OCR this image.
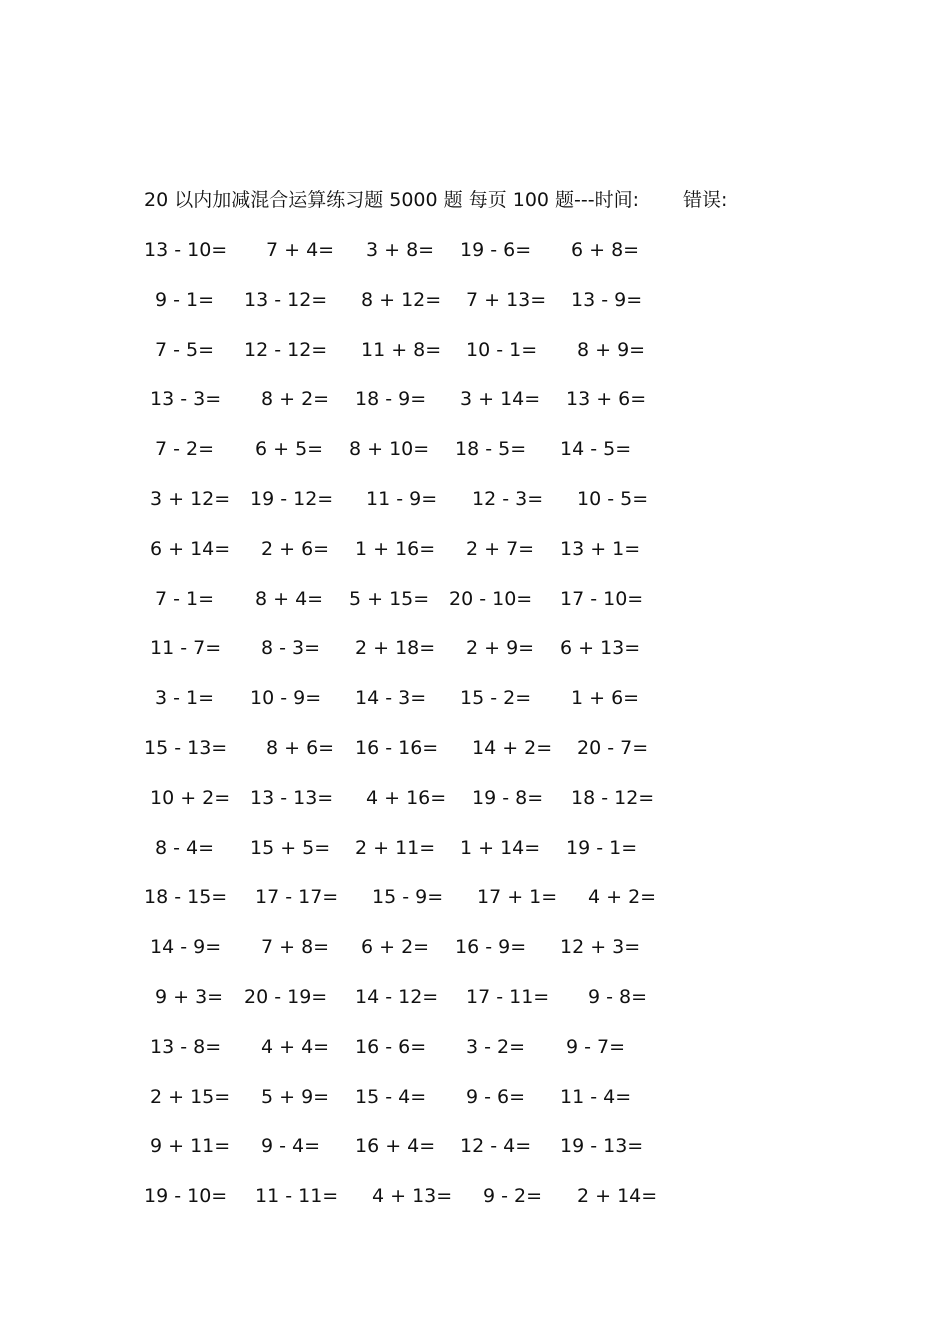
20 以内加减混合运算练习题 5000 题 每页 100 题---时间: 错误:
13 - 10= 7 + 4= 3 + 8= 19 - 6= 6 + 8=
9 - 1= 13 - 12= 8 + 12= 7 + 13= 13 - 9=
7 - 5= 12 - 12= 11 + 8= 10 - 1= 8 + 9=
13 - 3= 8 + 2= 18 - 9= 3 + 14= 13 + 6=
7 - 2= 6 + 5= 8 + 10= 18 - 5= 14 - 5=
3 + 12= 19 - 12= 11 - 9= 12 - 3= 10 - 5=
6 + 14= 2 + 6= 1 + 16= 2 + 7= 13 + 1=
7 - 1= 8 + 4= 5 + 15= 20 - 10= 17 - 10=
11 - 7= 8 - 3= 2 + 18= 2 + 9= 6 + 13=
3 - 1= 10 - 9= 14 - 3= 15 - 2= 1 + 6=
15 - 13= 8 + 6= 16 - 16= 14 + 2= 20 - 7=
10 + 2= 13 - 13= 4 + 16= 19 - 8= 18 - 12=
8 - 4= 15 + 5= 2 + 11= 1 + 14= 19 - 1=
18 - 15= 17 - 17= 15 - 9= 17 + 1= 4 + 2=
14 - 9= 7 + 8= 6 + 2= 16 - 9= 12 + 3=
9 + 3= 20 - 19= 14 - 12= 17 - 11= 9 - 8=
13 - 8= 4 + 4= 16 - 6= 3 - 2= 9 - 7=
2 + 15= 5 + 9= 15 - 4= 9 - 6= 11 - 4=
9 + 11= 9 - 4= 16 + 4= 12 - 4= 19 - 13=
19 - 10= 11 - 11= 4 + 13= 9 - 2= 2 + 14=
